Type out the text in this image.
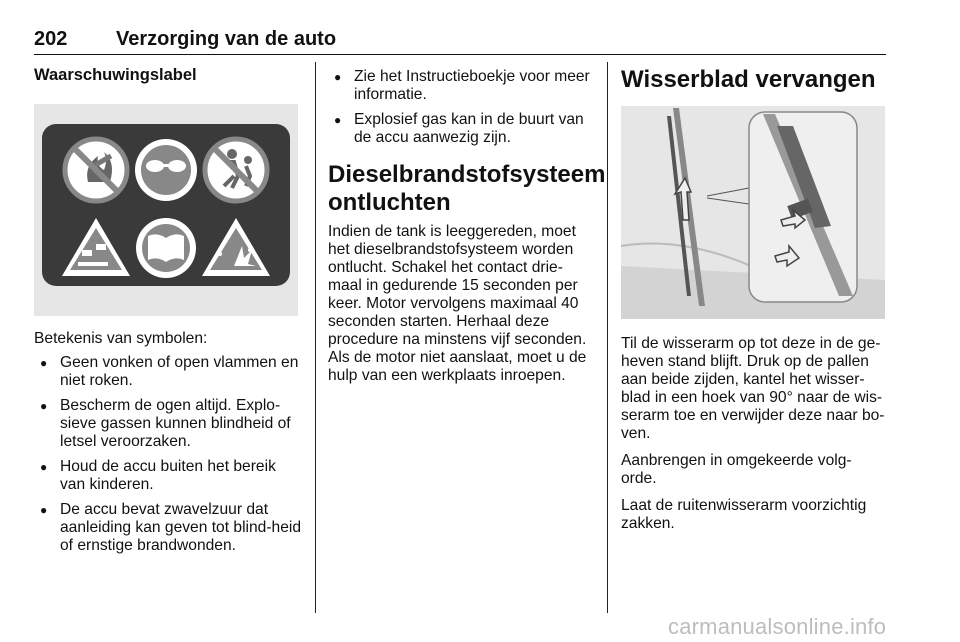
202 Verzorging van de auto
Waarschuwingslabel

Betekenis van symbolen:

● Geen vonken of open vlammen en niet roken.
● Bescherm de ogen altijd. Explo-sieve gassen kunnen blindheid of letsel veroorzaken.
● Houd de accu buiten het bereik van kinderen.
● De accu bevat zwavelzuur dat aanleiding kan geven tot blind-heid of ernstige brandwonden.
● Zie het Instructieboekje voor meer informatie.
● Explosief gas kan in de buurt van de accu aanwezig zijn.
Dieselbrandstofsysteem
ontluchten

Indien de tank is leeggereden, moet het dieselbrandstofsysteem worden ontlucht. Schakel het contact drie-maal in gedurende 15 seconden per keer. Motor vervolgens maximaal 40 seconden starten. Herhaal deze procedure na minstens vijf seconden. Als de motor niet aanslaat, moet u de hulp van een werkplaats inroepen.

Wisserblad vervangen

Til de wisserarm op tot deze in de ge-heven stand blijft. Druk op de pallen aan beide zijden, kantel het wisser-blad in een hoek van 90° naar de wis-serarm toe en verwijder deze naar bo-ven.

Aanbrengen in omgekeerde volg-orde.

Laat de ruitenwisserarm voorzichtig zakken.

carmanualsonline.info
